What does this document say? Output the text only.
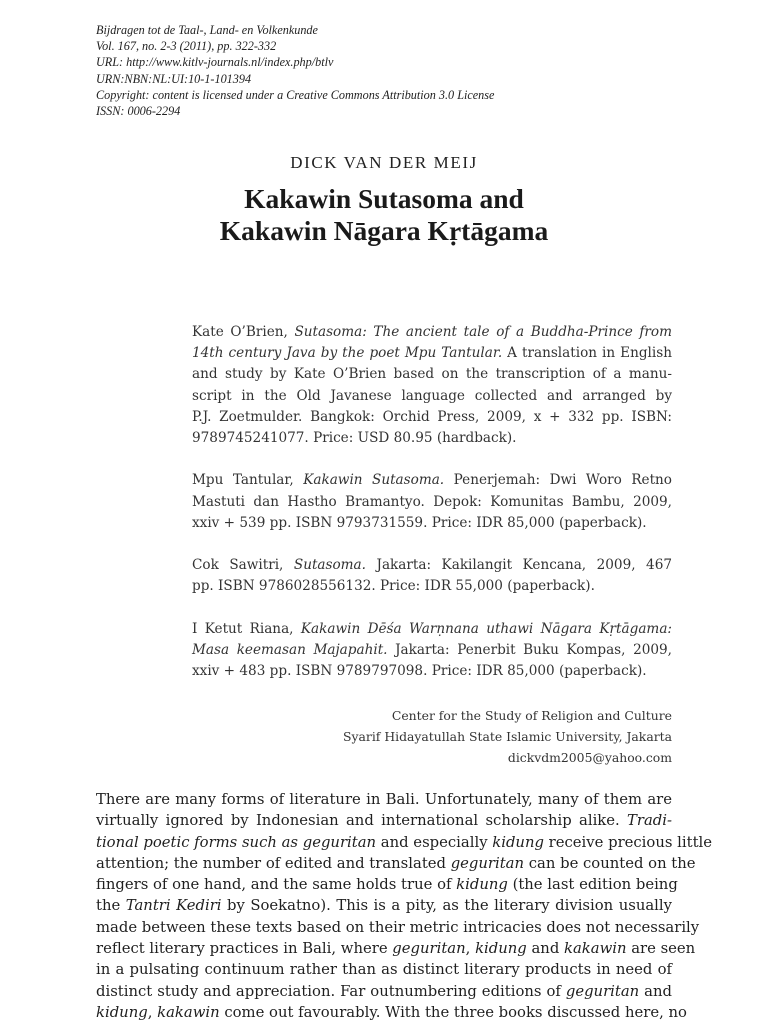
Bijdragen tot de Taal-, Land- en Volkenkunde
Vol. 167, no. 2-3 (2011), pp. 322-332
URL: http://www.kitlv-journals.nl/index.php/btlv
URN:NBN:NL:UI:10-1-101394
Copyright: content is licensed under a Creative Commons Attribution 3.0 License
ISSN: 0006-2294
DICK VAN DER MEIJ
Kakawin Sutasoma and
Kakawin Nāgara Kṛtāgama

Kate O’Brien, Sutasoma: The ancient tale of a Buddha-Prince from
14th century Java by the poet Mpu Tantular. A translation in English
and study by Kate O’Brien based on the transcription of a manu-
script in the Old Javanese language collected and arranged by
P.J. Zoetmulder. Bangkok: Orchid Press, 2009, x + 332 pp. ISBN:
9789745241077. Price: USD 80.95 (hardback).

Mpu Tantular, Kakawin Sutasoma. Penerjemah: Dwi Woro Retno
Mastuti dan Hastho Bramantyo. Depok: Komunitas Bambu, 2009,
xxiv + 539 pp. ISBN 9793731559. Price: IDR 85,000 (paperback).

Cok Sawitri, Sutasoma. Jakarta: Kakilangit Kencana, 2009, 467
pp. ISBN 9786028556132. Price: IDR 55,000 (paperback).

I Ketut Riana, Kakawin Dēśa Warṇnana uthawi Nāgara Kṛtāgama:
Masa keemasan Majapahit. Jakarta: Penerbit Buku Kompas, 2009,
xxiv + 483 pp. ISBN 9789797098. Price: IDR 85,000 (paperback).

Center for the Study of Religion and Culture
Syarif Hidayatullah State Islamic University, Jakarta
dickvdm2005@yahoo.com
There are many forms of literature in Bali. Unfortunately, many of them are
virtually ignored by Indonesian and international scholarship alike. Tradi-
tional poetic forms such as geguritan and especially kidung receive precious little
attention; the number of edited and translated geguritan can be counted on the
fingers of one hand, and the same holds true of kidung (the last edition being
the Tantri Kediri by Soekatno). This is a pity, as the literary division usually
made between these texts based on their metric intricacies does not necessarily
reflect literary practices in Bali, where geguritan, kidung and kakawin are seen
in a pulsating continuum rather than as distinct literary products in need of
distinct study and appreciation. Far outnumbering editions of geguritan and
kidung, kakawin come out favourably. With the three books discussed here, no
